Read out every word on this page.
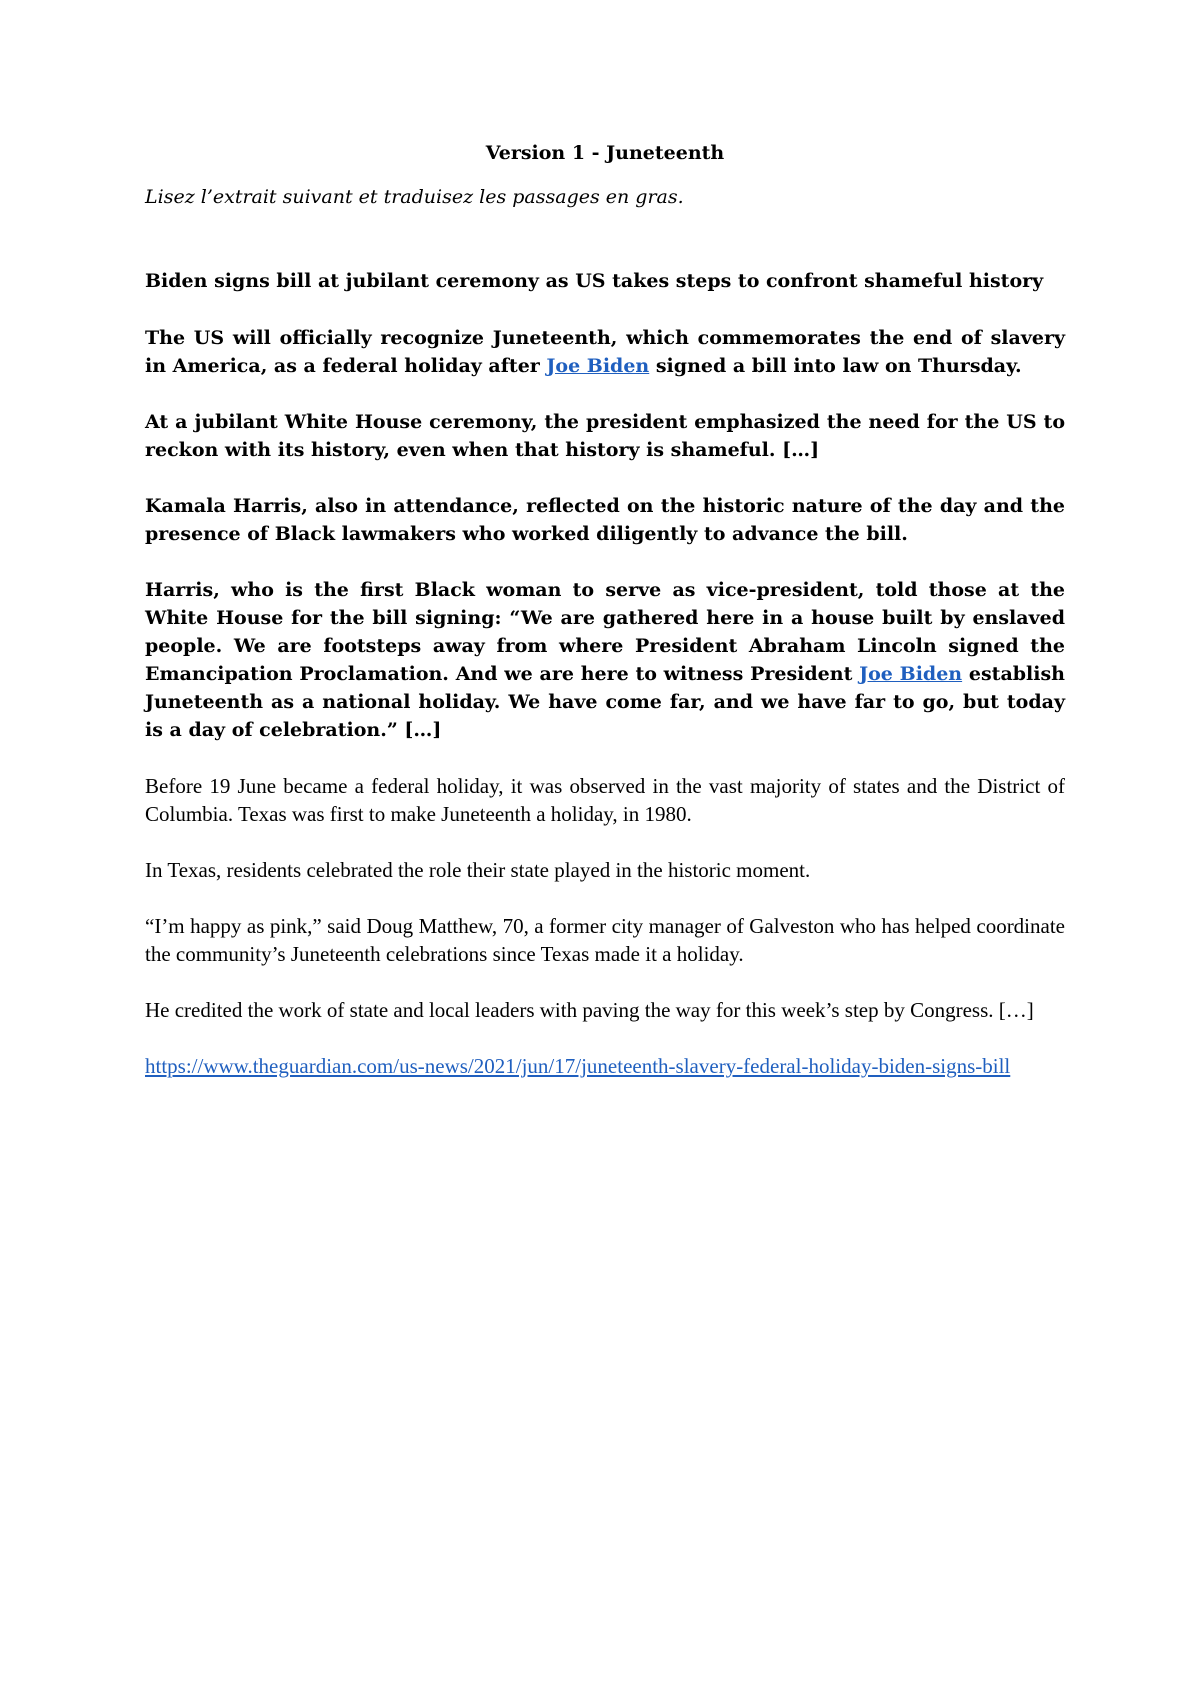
Version 1 - Juneteenth
Lisez l’extrait suivant et traduisez les passages en gras.
Biden signs bill at jubilant ceremony as US takes steps to confront shameful history

The US will officially recognize Juneteenth, which commemorates the end of slavery in America, as a federal holiday after Joe Biden signed a bill into law on Thursday.

At a jubilant White House ceremony, the president emphasized the need for the US to reckon with its history, even when that history is shameful. […]

Kamala Harris, also in attendance, reflected on the historic nature of the day and the presence of Black lawmakers who worked diligently to advance the bill.

Harris, who is the first Black woman to serve as vice-president, told those at the White House for the bill signing: “We are gathered here in a house built by enslaved people. We are footsteps away from where President Abraham Lincoln signed the Emancipation Proclamation. And we are here to witness President Joe Biden establish Juneteenth as a national holiday. We have come far, and we have far to go, but today is a day of celebration.” […]

Before 19 June became a federal holiday, it was observed in the vast majority of states and the District of Columbia. Texas was first to make Juneteenth a holiday, in 1980.

In Texas, residents celebrated the role their state played in the historic moment.

“I’m happy as pink,” said Doug Matthew, 70, a former city manager of Galveston who has helped coordinate the community’s Juneteenth celebrations since Texas made it a holiday.

He credited the work of state and local leaders with paving the way for this week’s step by Congress. […]

https://www.theguardian.com/us-news/2021/jun/17/juneteenth-slavery-federal-holiday-biden-signs-bill
